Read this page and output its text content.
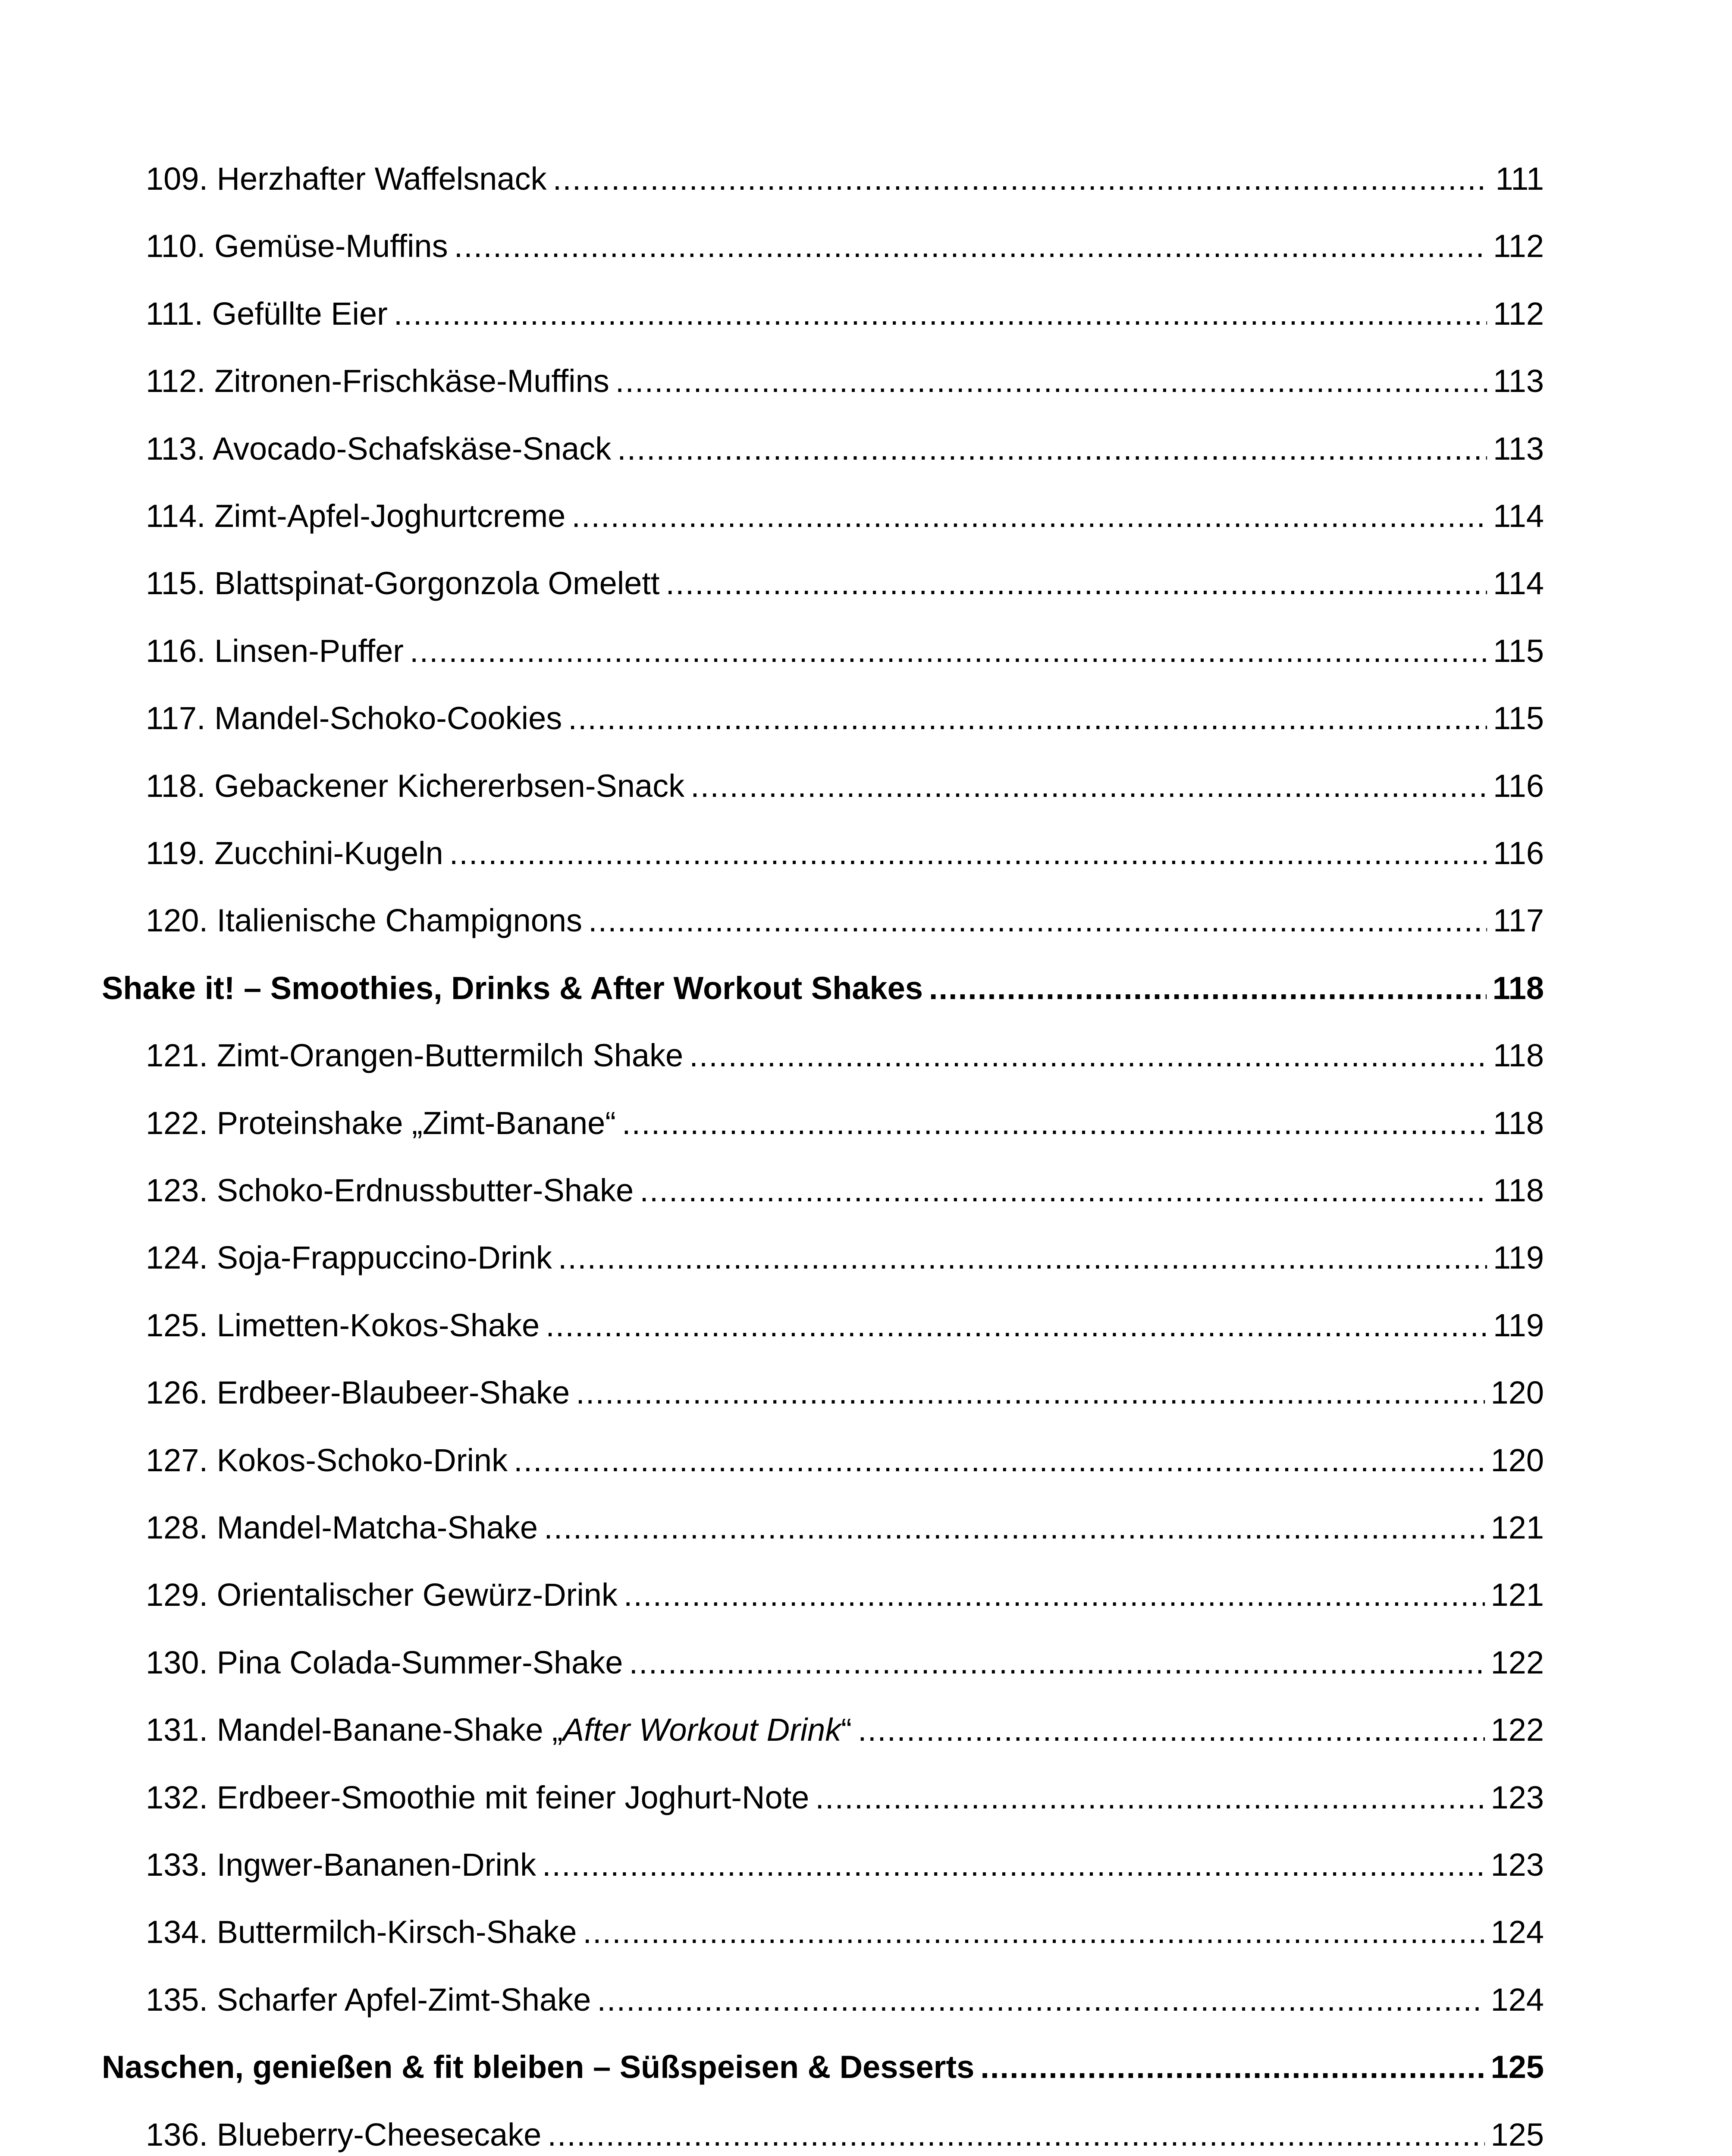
109. Herzhafter Waffelsnack .....	111
110. Gemüse-Muffins .....	112
111. Gefüllte Eier .....	112
112. Zitronen-Frischkäse-Muffins .....	113
113. Avocado-Schafskäse-Snack .....	113
114. Zimt-Apfel-Joghurtcreme .....	114
115. Blattspinat-Gorgonzola Omelett .....	114
116. Linsen-Puffer .....	115
117. Mandel-Schoko-Cookies .....	115
118. Gebackener Kichererbsen-Snack .....	116
119. Zucchini-Kugeln .....	116
120. Italienische Champignons .....	117
Shake it! – Smoothies, Drinks & After Workout Shakes .....	118
121. Zimt-Orangen-Buttermilch Shake .....	118
122. Proteinshake „Zimt-Banane“ .....	118
123. Schoko-Erdnussbutter-Shake .....	118
124. Soja-Frappuccino-Drink .....	119
125. Limetten-Kokos-Shake .....	119
126. Erdbeer-Blaubeer-Shake .....	120
127. Kokos-Schoko-Drink .....	120
128. Mandel-Matcha-Shake .....	121
129. Orientalischer Gewürz-Drink .....	121
130. Pina Colada-Summer-Shake .....	122
131. Mandel-Banane-Shake „After Workout Drink“ .....	122
132. Erdbeer-Smoothie mit feiner Joghurt-Note .....	123
133. Ingwer-Bananen-Drink .....	123
134. Buttermilch-Kirsch-Shake .....	124
135. Scharfer Apfel-Zimt-Shake .....	124
Naschen, genießen & fit bleiben – Süßspeisen & Desserts .....	125
136. Blueberry-Cheesecake .....	125
